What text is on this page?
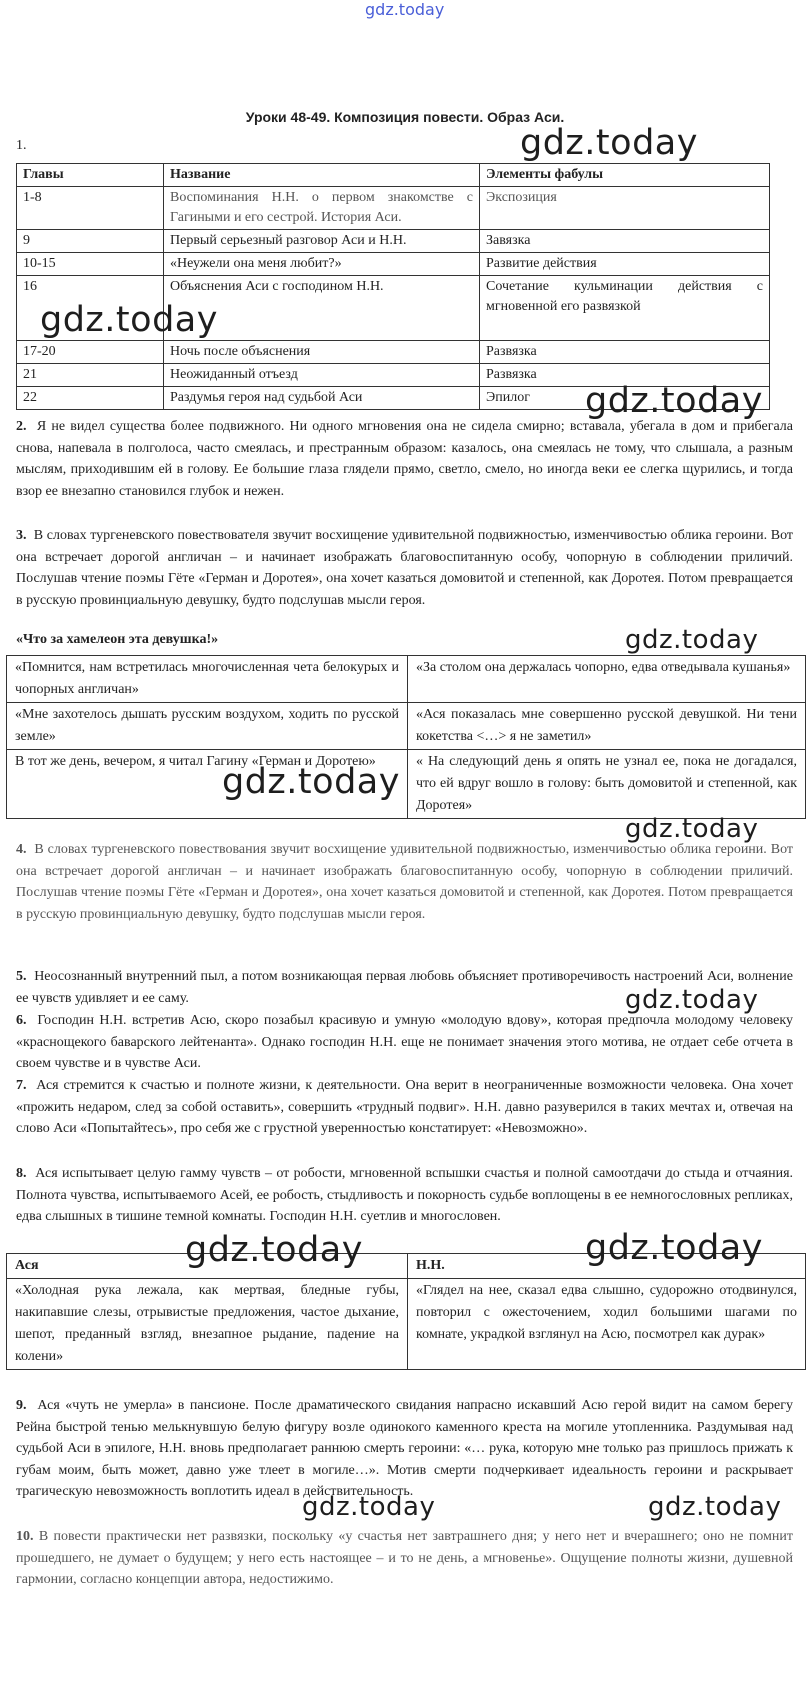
gdz.today
Уроки 48-49. Композиция повести. Образ Аси.
1.
Главы	Название	Элементы фабулы
1-8	Воспоминания Н.Н. о первом знакомстве с Гагиными и его сестрой. История Аси.	Экспозиция
9	Первый серьезный разговор Аси и Н.Н.	Завязка
10-15	«Неужели она меня любит?»	Развитие действия
16	Объяснения Аси с господином Н.Н.	Сочетание кульминации действия с мгновенной его развязкой
17-20	Ночь после объяснения	Развязка
21	Неожиданный отъезд	Развязка
22	Раздумья героя над судьбой Аси	Эпилог

2. Я не видел существа более подвижного. Ни одного мгновения она не сидела смирно; вставала, убегала в дом и прибегала снова, напевала в полголоса, часто смеялась, и престранным образом: казалось, она смеялась не тому, что слышала, а разным мыслям, приходившим ей в голову. Ее большие глаза глядели прямо, светло, смело, но иногда веки ее слегка щурились, и тогда взор ее внезапно становился глубок и нежен.

3. В словах тургеневского повествователя звучит восхищение удивительной подвижностью, изменчивостью облика героини. Вот она встречает дорогой англичан – и начинает изображать благовоспитанную особу, чопорную в соблюдении приличий. Послушав чтение поэмы Гёте «Герман и Доротея», она хочет казаться домовитой и степенной, как Доротея. Потом превращается в русскую провинциальную девушку, будто подслушав мысли героя.

«Что за хамелеон эта девушка!»
«Помнится, нам встретилась многочисленная чета белокурых и чопорных англичан»	«За столом она держалась чопорно, едва отведывала кушанья»
«Мне захотелось дышать русским воздухом, ходить по русской земле»	«Ася показалась мне совершенно русской девушкой. Ни тени кокетства <…> я не заметил»
В тот же день, вечером, я читал Гагину «Герман и Доротею»	« На следующий день я опять не узнал ее, пока не догадался, что ей вдруг вошло в голову: быть домовитой и степенной, как Доротея»

4. В словах тургеневского повествования звучит восхищение удивительной подвижностью, изменчивостью облика героини. Вот она встречает дорогой англичан – и начинает изображать благовоспитанную особу, чопорную в соблюдении приличий. Послушав чтение поэмы Гёте «Герман и Доротея», она хочет казаться домовитой и степенной, как Доротея. Потом превращается в русскую провинциальную девушку, будто подслушав мысли героя.

5. Неосознанный внутренний пыл, а потом возникающая первая любовь объясняет противоречивость настроений Аси, волнение ее чувств удивляет и ее саму.

6. Господин Н.Н. встретив Асю, скоро позабыл красивую и умную «молодую вдову», которая предпочла молодому человеку «краснощекого баварского лейтенанта». Однако господин Н.Н. еще не понимает значения этого мотива, не отдает себе отчета в своем чувстве и в чувстве Аси.

7. Ася стремится к счастью и полноте жизни, к деятельности. Она верит в неограниченные возможности человека. Она хочет «прожить недаром, след за собой оставить», совершить «трудный подвиг». Н.Н. давно разуверился в таких мечтах и, отвечая на слово Аси «Попытайтесь», про себя же с грустной уверенностью констатирует: «Невозможно».

8. Ася испытывает целую гамму чувств – от робости, мгновенной вспышки счастья и полной самоотдачи до стыда и отчаяния. Полнота чувства, испытываемого Асей, ее робость, стыдливость и покорность судьбе воплощены в ее немногословных репликах, едва слышных в тишине темной комнаты. Господин Н.Н. суетлив и многословен.

Ася	Н.Н.
«Холодная рука лежала, как мертвая, бледные губы, накипавшие слезы, отрывистые предложения, частое дыхание, шепот, преданный взгляд, внезапное рыдание, падение на колени»	«Глядел на нее, сказал едва слышно, судорожно отодвинулся, повторил с ожесточением, ходил большими шагами по комнате, украдкой взглянул на Асю, посмотрел как дурак»

9. Ася «чуть не умерла» в пансионе. После драматического свидания напрасно искавший Асю герой видит на самом берегу Рейна быстрой тенью мелькнувшую белую фигуру возле одинокого каменного креста на могиле утопленника. Раздумывая над судьбой Аси в эпилоге, Н.Н. вновь предполагает раннюю смерть героини: «… рука, которую мне только раз пришлось прижать к губам моим, быть может, давно уже тлеет в могиле…». Мотив смерти подчеркивает идеальность героини и раскрывает трагическую невозможность воплотить идеал в действительность.

10. В повести практически нет развязки, поскольку «у счастья нет завтрашнего дня; у него нет и вчерашнего; оно не помнит прошедшего, не думает о будущем; у него есть настоящее – и то не день, а мгновенье». Ощущение полноты жизни, душевной гармонии, согласно концепции автора, недостижимо.

gdz.today
gdz.today
gdz.today
gdz.today
gdz.today
gdz.today
gdz.today
gdz.today	gdz.today
gdz.today	gdz.today
